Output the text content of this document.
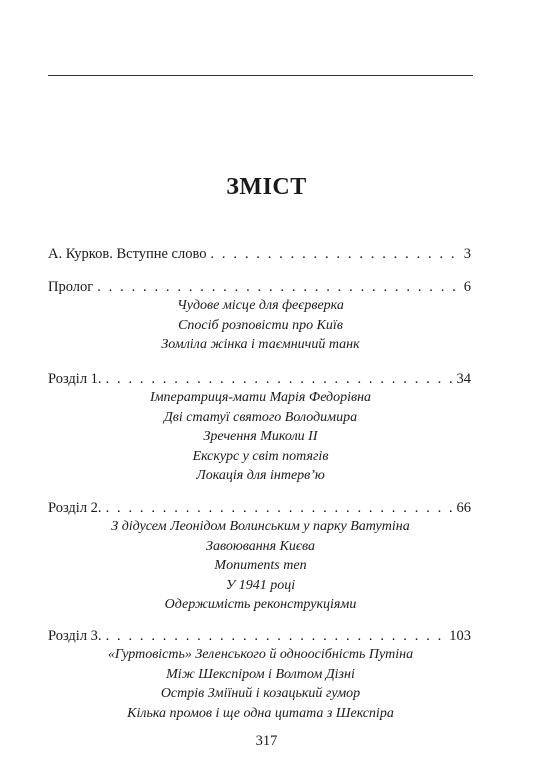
ЗМІСТ
А. Курков. Вступне слово . . .	3
Пролог . . .	6
Чудове місце для феєрверка
Спосіб розповісти про Київ
Зомліла жінка і таємничий танк
Розділ 1. . . .	34
Імператриця-мати Марія Федорівна
Дві статуї святого Володимира
Зречення Миколи ІІ
Екскурс у світ потягів
Локація для інтерв’ю
Розділ 2. . . .	66
З дідусем Леонідом Волинським у парку Ватутіна
Завоювання Києва
Monuments men
У 1941 році
Одержимість реконструкціями
Розділ 3. . . .	103
«Гуртовість» Зеленського й одноосібність Путіна
Між Шекспіром і Волтом Дізні
Острів Зміїний і козацький гумор
Кілька промов і ще одна цитата з Шекспіра
317
